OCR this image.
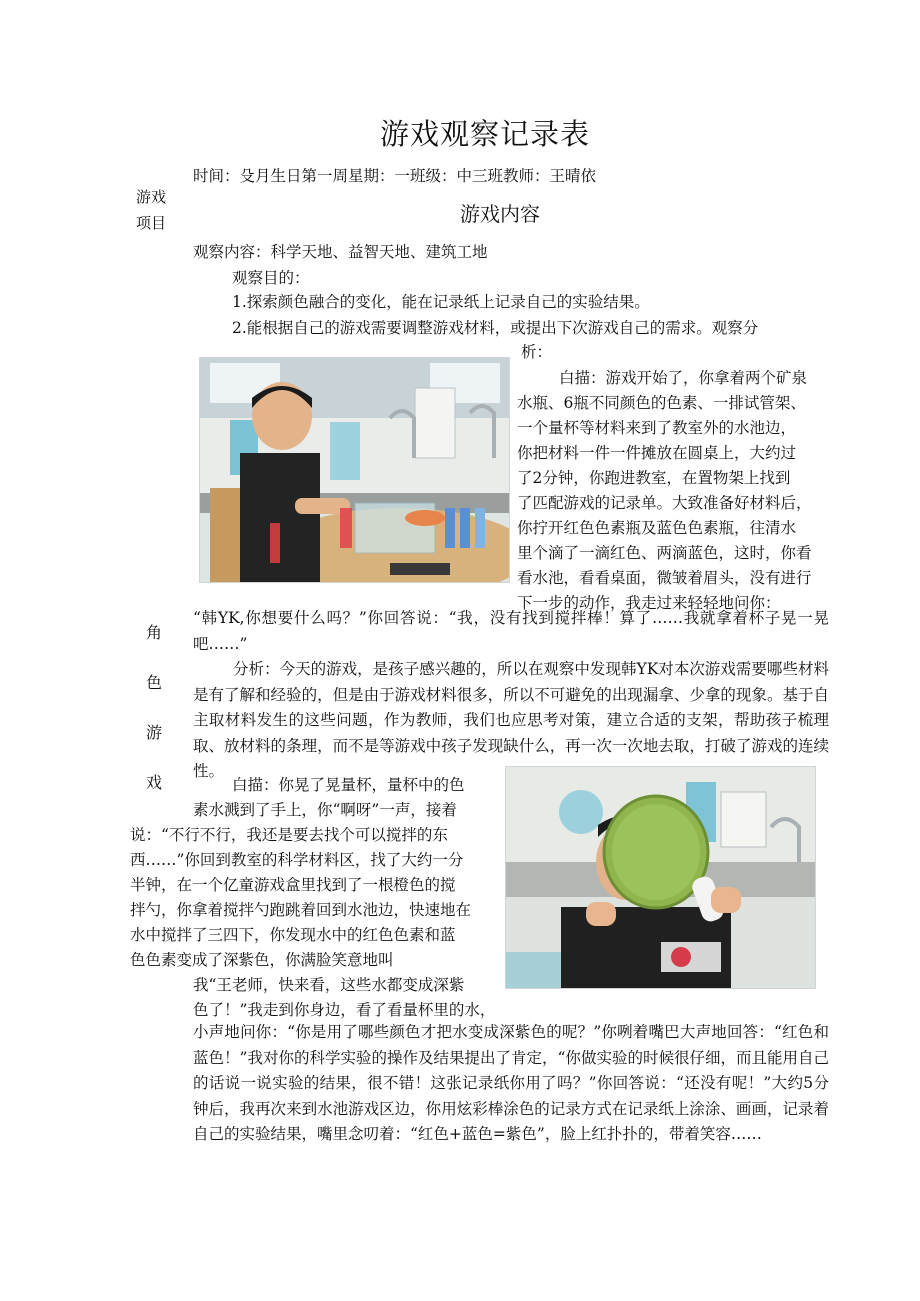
游戏观察记录表
时间：殳月生日第一周星期：一班级：中三班教师：王晴依
游戏
项目	游戏内容
角
色
游
戏
观察内容：科学天地、益智天地、建筑工地
观察目的：
1.探索颜色融合的变化，能在记录纸上记录自己的实验结果。
2.能根据自己的游戏需要调整游戏材料，或提出下次游戏自己的需求。观察分
析：
白描：游戏开始了，你拿着两个矿泉
水瓶、6瓶不同颜色的色素、一排试管架、
一个量杯等材料来到了教室外的水池边，
你把材料一件一件摊放在圆桌上，大约过
了2分钟，你跑进教室，在置物架上找到
了匹配游戏的记录单。大致准备好材料后，
你拧开红色色素瓶及蓝色色素瓶，往清水
里个滴了一滴红色、两滴蓝色，这时，你看
看水池，看看桌面，微皱着眉头，没有进行
下一步的动作，我走过来轻轻地问你：
“韩YK,你想要什么吗？”你回答说：“我，没有找到搅拌棒！算了……我就拿着杯子晃一晃吧……”
分析：今天的游戏，是孩子感兴趣的，所以在观察中发现韩YK对本次游戏需要哪些材料是有了解和经验的，但是由于游戏材料很多，所以不可避免的出现漏拿、少拿的现象。基于自主取材料发生的这些问题，作为教师，我们也应思考对策，建立合适的支架，帮助孩子梳理取、放材料的条理，而不是等游戏中孩子发现缺什么，再一次一次地去取，打破了游戏的连续性。
白描：你晃了晃量杯，量杯中的色
素水溅到了手上，你“啊呀”一声，接着
说：“不行不行，我还是要去找个可以搅拌的东
西……”你回到教室的科学材料区，找了大约一分
半钟，在一个亿童游戏盒里找到了一根橙色的搅
拌勺，你拿着搅拌勺跑跳着回到水池边，快速地在
水中搅拌了三四下，你发现水中的红色色素和蓝
色色素变成了深紫色，你满脸笑意地叫
我“王老师，快来看，这些水都变成深紫
色了！”我走到你身边，看了看量杯里的水，
小声地问你：“你是用了哪些颜色才把水变成深紫色的呢？”你咧着嘴巴大声地回答：“红色和蓝色！”我对你的科学实验的操作及结果提出了肯定，“你做实验的时候很仔细，而且能用自己的话说一说实验的结果，很不错！这张记录纸你用了吗？”你回答说：“还没有呢！”大约5分钟后，我再次来到水池游戏区边，你用炫彩棒涂色的记录方式在记录纸上涂涂、画画，记录着自己的实验结果，嘴里念叨着：“红色+蓝色=紫色”，脸上红扑扑的，带着笑容……
